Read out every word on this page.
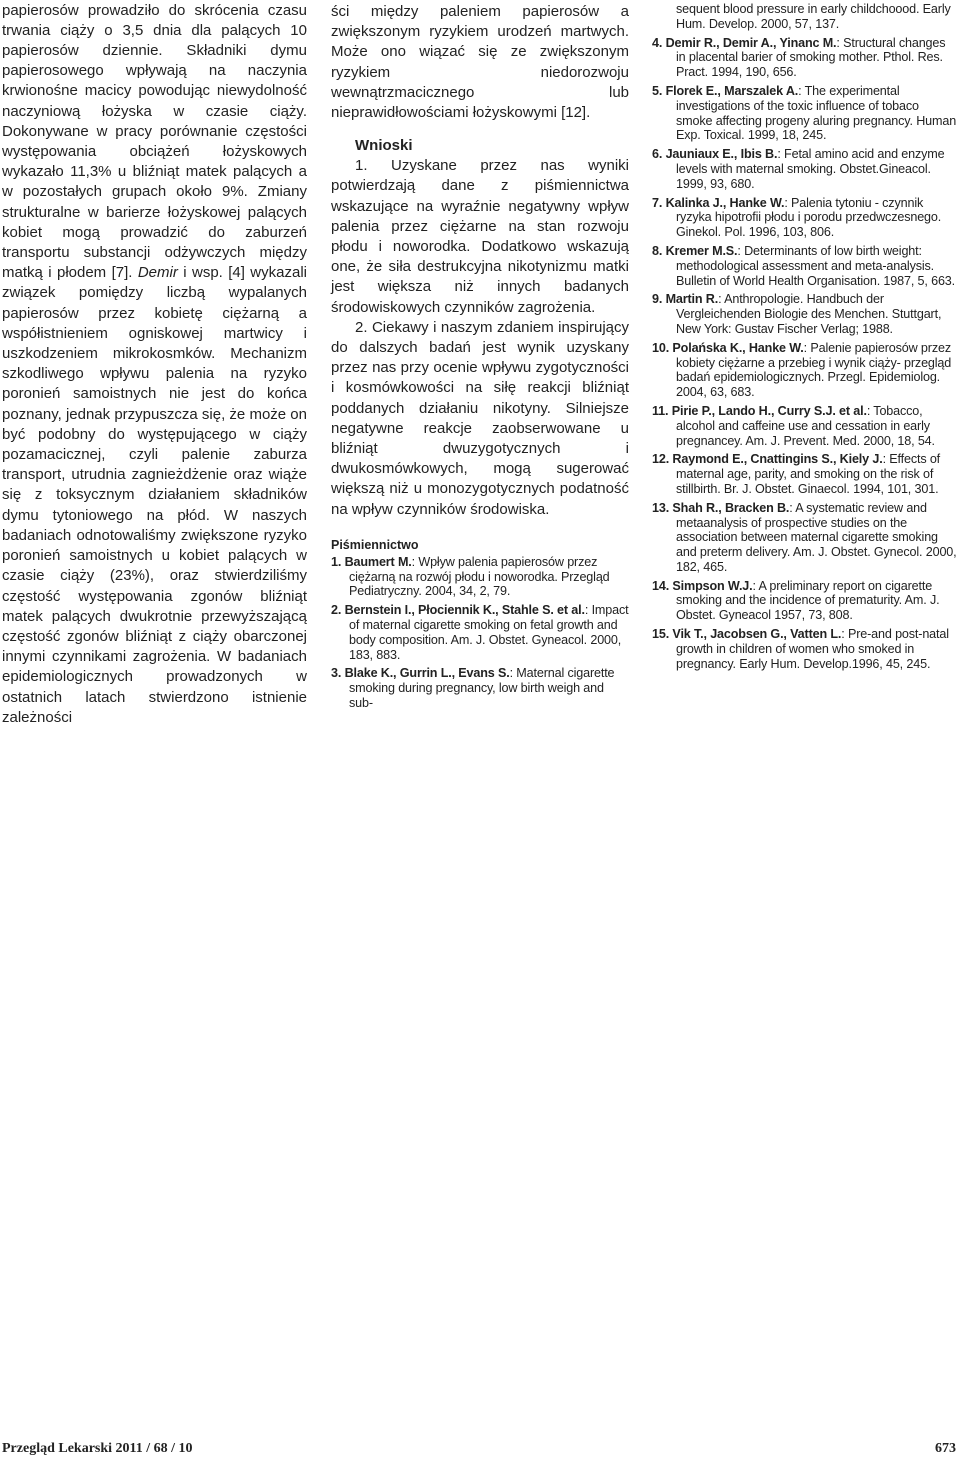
papierosów prowadziło do skrócenia czasu trwania ciąży o 3,5 dnia dla palących 10 papierosów dziennie. Składniki dymu papierosowego wpływają na naczynia krwionośne macicy powodując niewydolność naczyniową łożyska w czasie ciąży. Dokonywane w pracy porównanie częstości występowania obciążeń łożyskowych wykazało 11,3% u bliźniąt matek palących a w pozostałych grupach około 9%. Zmiany strukturalne w barierze łożyskowej palących kobiet mogą prowadzić do zaburzeń transportu substancji odżywczych między matką i płodem [7]. Demir i wsp. [4] wykazali związek pomiędzy liczbą wypalanych papierosów przez kobietę ciężarną a współistnieniem ogniskowej martwicy i uszkodzeniem mikrokosmków. Mechanizm szkodliwego wpływu palenia na ryzyko poronień samoistnych nie jest do końca poznany, jednak przypuszcza się, że może on być podobny do występującego w ciąży pozamacicznej, czyli palenie zaburza transport, utrudnia zagnieżdżenie oraz wiąże się z toksycznym działaniem składników dymu tytoniowego na płód. W naszych badaniach odnotowaliśmy zwiększone ryzyko poronień samoistnych u kobiet palących w czasie ciąży (23%), oraz stwierdziliśmy częstość występowania zgonów bliźniąt matek palących dwukrotnie przewyższającą częstość zgonów bliźniąt z ciąży obarczonej innymi czynnikami zagrożenia. W badaniach epidemiologicznych prowadzonych w ostatnich latach stwierdzono istnienie zależności

ści między paleniem papierosów a zwiększonym ryzykiem urodzeń martwych. Może ono wiązać się ze zwiększonym ryzykiem niedorozwoju wewnątrzmacicznego lub nieprawidłowościami łożyskowymi [12].

Wnioski

1. Uzyskane przez nas wyniki potwierdzają dane z piśmiennictwa wskazujące na wyraźnie negatywny wpływ palenia przez ciężarne na stan rozwoju płodu i noworodka. Dodatkowo wskazują one, że siła destrukcyjna nikotynizmu matki jest większa niż innych badanych środowiskowych czynników zagrożenia.

2. Ciekawy i naszym zdaniem inspirujący do dalszych badań jest wynik uzyskany przez nas przy ocenie wpływu zygotyczności i kosmówkowości na siłę reakcji bliźniąt poddanych działaniu nikotyny. Silniejsze negatywne reakcje zaobserwowane u bliźniąt dwuzygotycznych i dwukosmówkowych, mogą sugerować większą niż u monozygotycznych podatność na wpływ czynników środowiska.

Piśmiennictwo
1. Baumert M.: Wpływ palenia papierosów przez ciężarną na rozwój płodu i noworodka. Przegląd Pediatryczny. 2004, 34, 2, 79.
2. Bernstein I., Płociennik K., Stahle S. et al.: Impact of maternal cigarette smoking on fetal growth and body composition. Am. J. Obstet. Gyneacol. 2000, 183, 883.
3. Blake K., Gurrin L., Evans S.: Maternal cigarette smoking during pregnancy, low birth weigh and sub-
sequent blood pressure in early childchoood. Early Hum. Develop. 2000, 57, 137.
4. Demir R., Demir A., Yinanc M.: Structural changes in placental barier of smoking mother. Pthol. Res. Pract. 1994, 190, 656.
5. Florek E., Marszalek A.: The experimental investigations of the toxic influence of tobaco smoke affecting progeny aluring pregnancy. Human Exp. Toxical. 1999, 18, 245.
6. Jauniaux E., Ibis B.: Fetal amino acid and enzyme levels with maternal smoking. Obstet.Gineacol. 1999, 93, 680.
7. Kalinka J., Hanke W.: Palenia tytoniu - czynnik ryzyka hipotrofii płodu i porodu przedwczesnego. Ginekol. Pol. 1996, 103, 806.
8. Kremer M.S.: Determinants of low birth weight: methodological assessment and meta-analysis. Bulletin of World Health Organisation. 1987, 5, 663.
9. Martin R.: Anthropologie. Handbuch der Vergleichenden Biologie des Menchen. Stuttgart, New York: Gustav Fischer Verlag; 1988.
10. Polańska K., Hanke W.: Palenie papierosów przez kobiety ciężarne a przebieg i wynik ciąży- przegląd badań epidemiologicznych. Przegl. Epidemiolog. 2004, 63, 683.
11. Pirie P., Lando H., Curry S.J. et al.: Tobacco, alcohol and caffeine use and cessation in early pregnancey. Am. J. Prevent. Med. 2000, 18, 54.
12. Raymond E., Cnattingins S., Kiely J.: Effects of maternal age, parity, and smoking on the risk of stillbirth. Br. J. Obstet. Ginaecol. 1994, 101, 301.
13. Shah R., Bracken B.: A systematic review and metaanalysis of prospective studies on the association between maternal cigarette smoking and preterm delivery. Am. J. Obstet. Gynecol. 2000, 182, 465.
14. Simpson W.J.: A preliminary report on cigarette smoking and the incidence of prematurity. Am. J. Obstet. Gyneacol 1957, 73, 808.
15. Vik T., Jacobsen G., Vatten L.: Pre-and post-natal growth in children of women who smoked in pregnancy. Early Hum. Develop.1996, 45, 245.
Przegląd Lekarski 2011 / 68 / 10	673
